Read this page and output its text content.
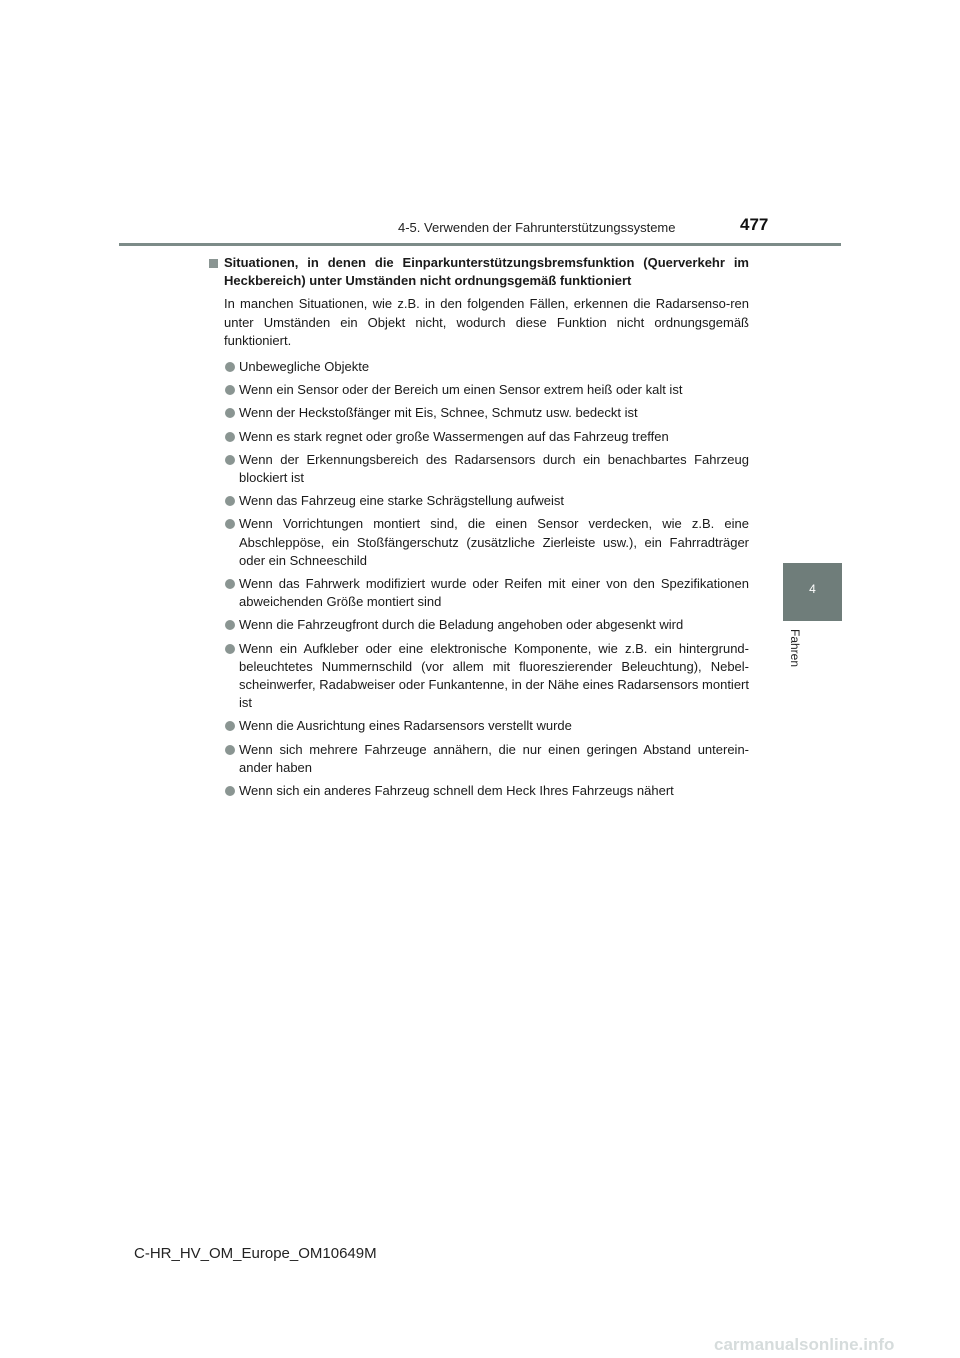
4-5. Verwenden der Fahrunterstützungssysteme	477
4
Fahren

Situationen, in denen die Einparkunterstützungsbremsfunktion (Querverkehr im Heckbereich) unter Umständen nicht ordnungsgemäß funktioniert

In manchen Situationen, wie z.B. in den folgenden Fällen, erkennen die Radarsenso-ren unter Umständen ein Objekt nicht, wodurch diese Funktion nicht ordnungsgemäß funktioniert.

Unbewegliche Objekte
Wenn ein Sensor oder der Bereich um einen Sensor extrem heiß oder kalt ist
Wenn der Heckstoßfänger mit Eis, Schnee, Schmutz usw. bedeckt ist
Wenn es stark regnet oder große Wassermengen auf das Fahrzeug treffen
Wenn der Erkennungsbereich des Radarsensors durch ein benachbartes Fahrzeug blockiert ist
Wenn das Fahrzeug eine starke Schrägstellung aufweist
Wenn Vorrichtungen montiert sind, die einen Sensor verdecken, wie z.B. eine Abschleppöse, ein Stoßfängerschutz (zusätzliche Zierleiste usw.), ein Fahrradträger oder ein Schneeschild
Wenn das Fahrwerk modifiziert wurde oder Reifen mit einer von den Spezifikationen abweichenden Größe montiert sind
Wenn die Fahrzeugfront durch die Beladung angehoben oder abgesenkt wird
Wenn ein Aufkleber oder eine elektronische Komponente, wie z.B. ein hintergrund-beleuchtetes Nummernschild (vor allem mit fluoreszierender Beleuchtung), Nebel-scheinwerfer, Radabweiser oder Funkantenne, in der Nähe eines Radarsensors montiert ist
Wenn die Ausrichtung eines Radarsensors verstellt wurde
Wenn sich mehrere Fahrzeuge annähern, die nur einen geringen Abstand unterein-ander haben
Wenn sich ein anderes Fahrzeug schnell dem Heck Ihres Fahrzeugs nähert
C-HR_HV_OM_Europe_OM10649M
carmanualsonline.info
